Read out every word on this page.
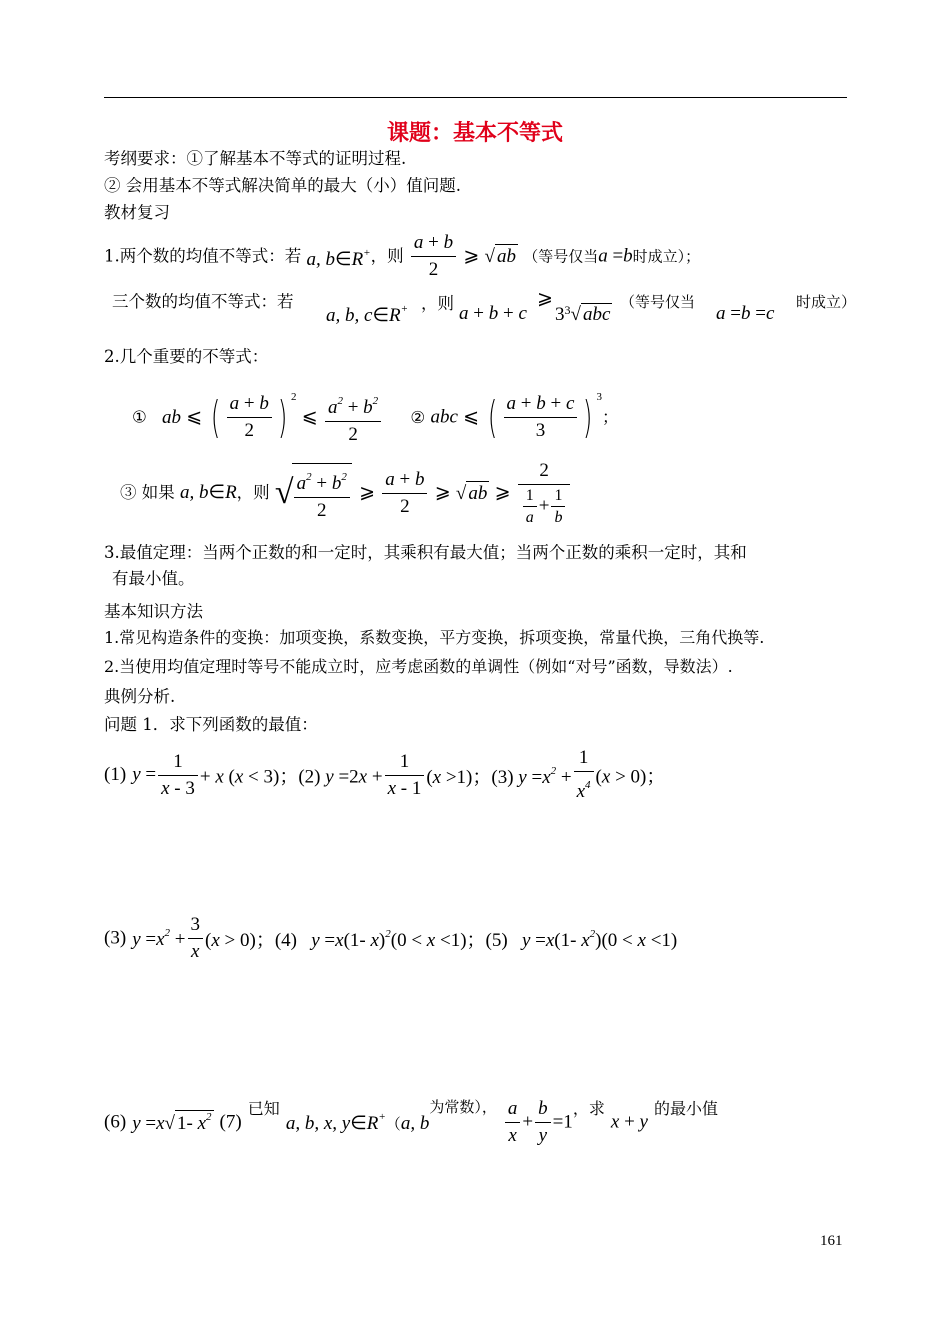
课题：基本不等式
考纲要求：①了解基本不等式的证明过程.
② 会用基本不等式解决简单的最大（小）值问题.
教材复习
1.两个数的均值不等式：若 a, b∈R+，则 $\frac{a + b}{2}$ ⩾ √ ab （等号仅当a =b时成立）；
三个数的均值不等式：若
a, b, c∈R+ ，则 a + b + c
⩾
$3^3√$ abc
（等号仅当
a =b =c
时成立）
2.几个重要的不等式：
① ab ⩽ ( $\frac{a + b}{2}$ ) $^2$ ⩽ $\frac{a^2 + b^2}{2}$ ② abc ⩽ ( $\frac{a + b + c}{3}$ ) $^3$；
③ 如果 a, b∈R，则 √
$\frac{a^2 + b^2}{2}$ ⩾ $\frac{a + b}{2}$ ⩾ √ ab ⩾ $\frac{2}{\frac{1}{a} + \frac{1}{b}}$
3.最值定理：当两个正数的和一定时，其乘积有最大值；当两个正数的乘积一定时，其和
有最小值。
基本知识方法
1.常见构造条件的变换：加项变换，系数变换，平方变换，拆项变换，常量代换，三角代换等.
2.当使用均值定理时等号不能成立时，应考虑函数的单调性（例如“对号”函数，导数法）.
典例分析.
问题 1．求下列函数的最值：
(1) $y = \frac{1}{x - 3} + x$ (x < 3)；(2) $y =2x + \frac{1}{x - 1} (x >1)$；(3) $y =x^2 + \frac{1}{x^4} (x > 0)$；
(3) $y =x^2 + \frac{3}{x} (x > 0)$；(4)   y =x(1- x)$^2$(0 < x <1)；(5)   y =x(1- $x^2)(0 < x <1)$
(6) y =x√ 1- $x^2$ (7) $^{已知}$ a, b, x, y∈R+（a, $b^{为常数),} \frac{a}{x} + \frac{b}{y} =1^{,求}$ x + y $^{的最小值}$
161
